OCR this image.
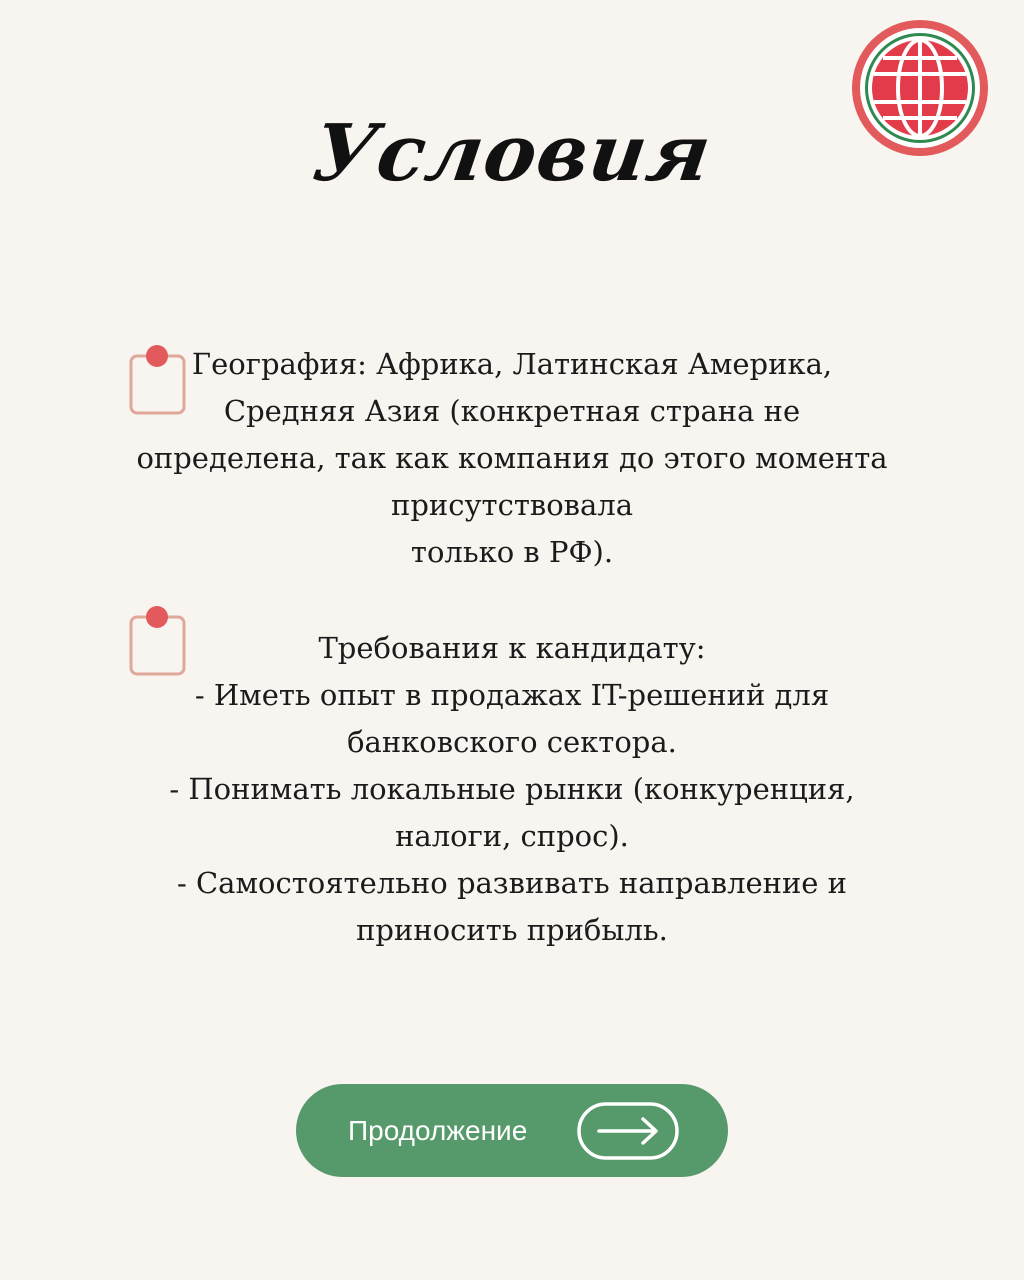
Условия
География: Африка, Латинская Америка,
Средняя Азия (конкретная страна не
определена, так как компания до этого момента
присутствовала
только в РФ).
Требования к кандидату:
- Иметь опыт в продажах IT-решений для
банковского сектора.
- Понимать локальные рынки (конкуренция,
налоги, спрос).
- Самостоятельно развивать направление и
приносить прибыль.
Продолжение
